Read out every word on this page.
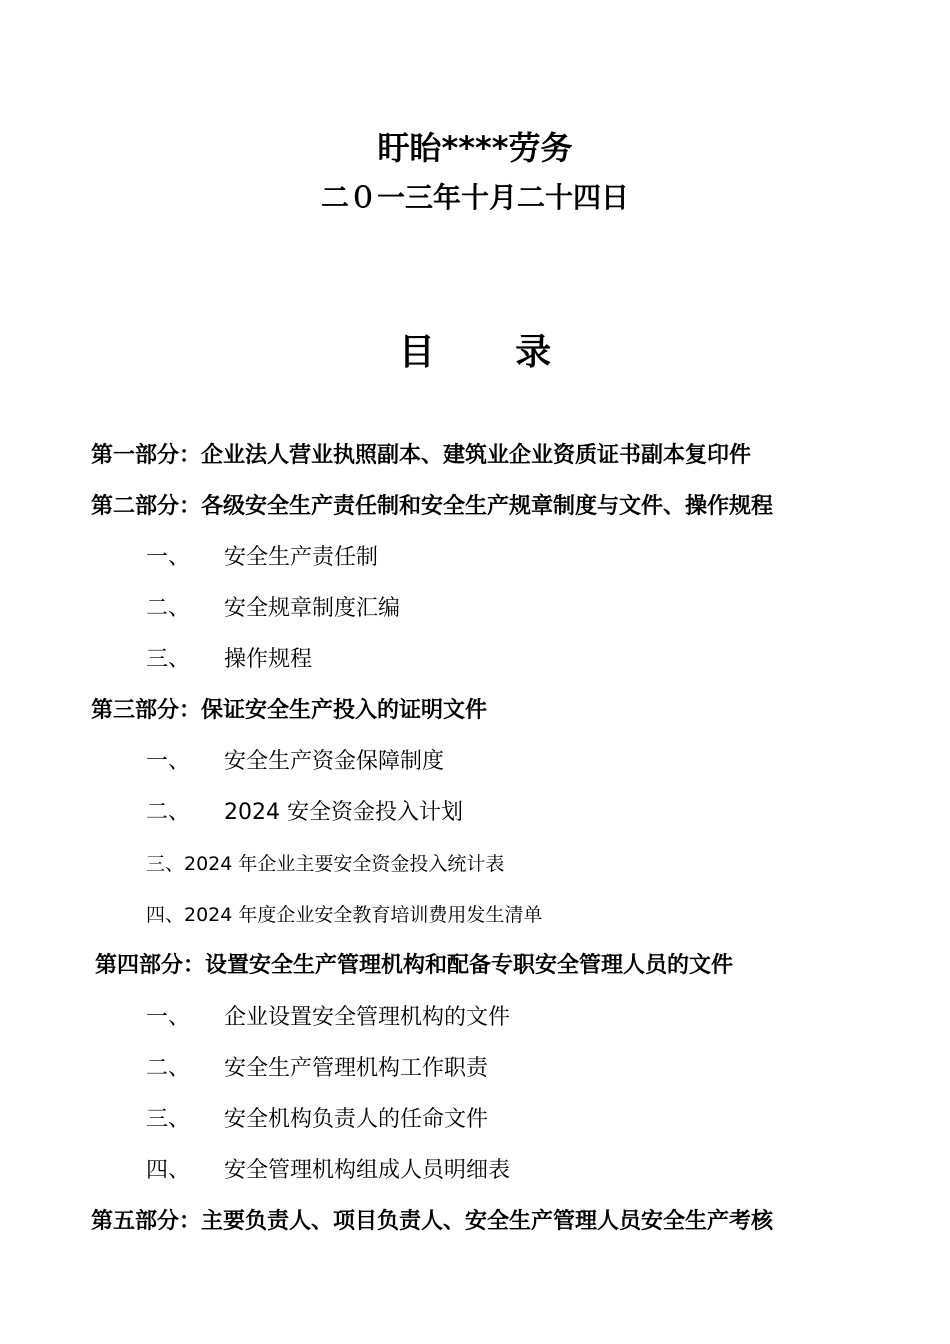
盱眙****劳务
二０一三年十月二十四日
目 录
第一部分： 企业法人营业执照副本、建筑业企业资质证书副本复印件
第二部分： 各级安全生产责任制和安全生产规章制度与文件、操作规程
一、	安全生产责任制
二、	安全规章制度汇编
三、	操作规程
第三部分： 保证安全生产投入的证明文件
一、	安全生产资金保障制度
二、	2024 安全资金投入计划
三、2024 年企业主要安全资金投入统计表
四、2024 年度企业安全教育培训费用发生清单
第四部分： 设置安全生产管理机构和配备专职安全管理人员的文件
一、	企业设置安全管理机构的文件
二、	安全生产管理机构工作职责
三、	安全机构负责人的任命文件
四、	安全管理机构组成人员明细表
第五部分： 主要负责人、项目负责人、安全生产管理人员安全生产考核
